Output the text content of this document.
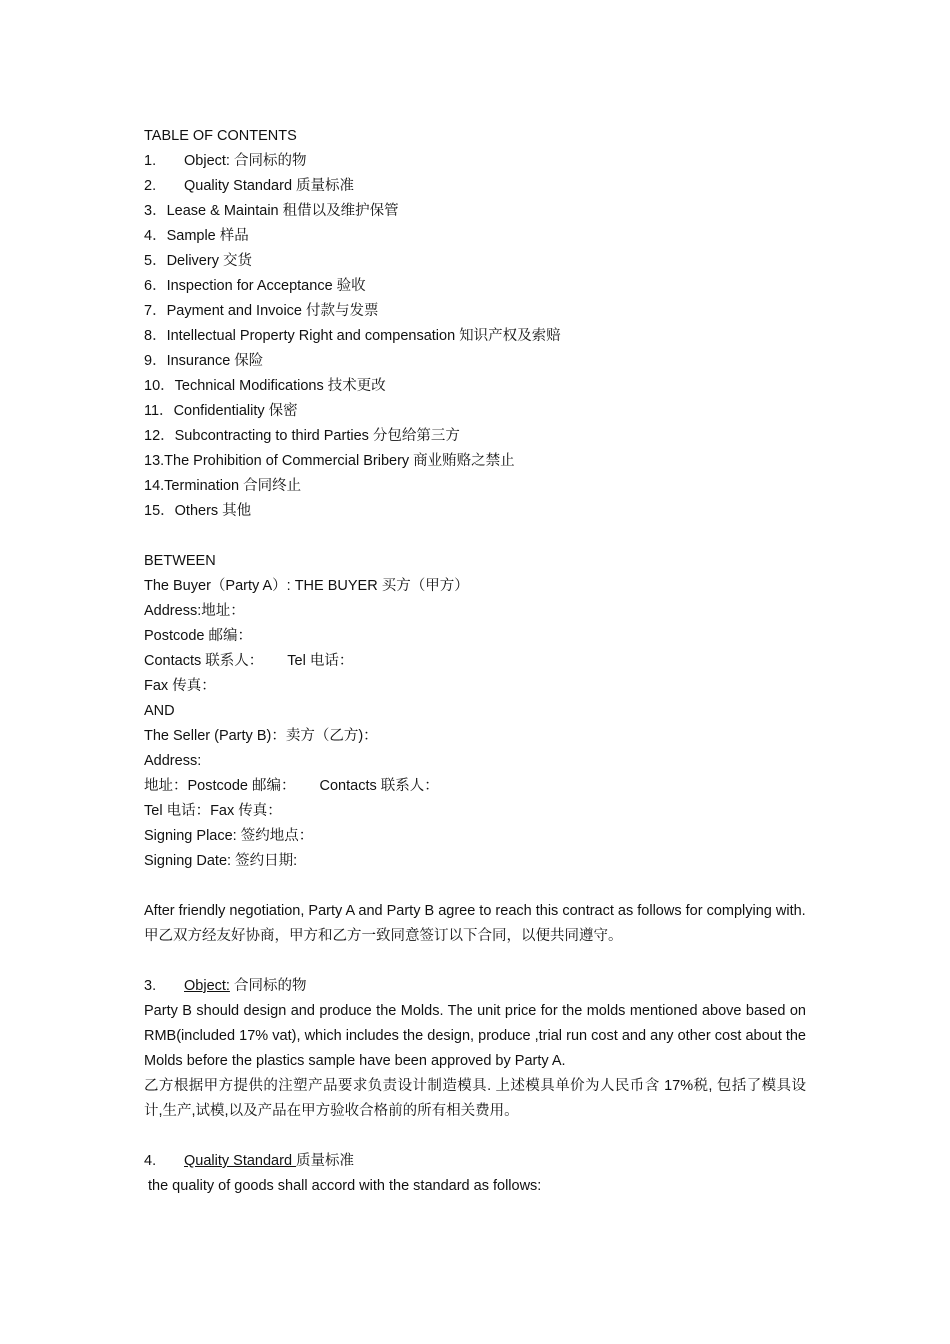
TABLE OF CONTENTS
1. Object: 合同标的物
2. Quality Standard 质量标准
3．Lease & Maintain 租借以及维护保管
4．Sample 样品
5．Delivery 交货
6．Inspection for Acceptance 验收
7．Payment and Invoice 付款与发票
8．Intellectual Property Right and compensation 知识产权及索赔
9．Insurance 保险
10．Technical Modifications 技术更改
11．Confidentiality 保密
12．Subcontracting to third Parties 分包给第三方
13.The Prohibition of Commercial Bribery 商业贿赂之禁止
14.Termination 合同终止
15．Others 其他
BETWEEN
The Buyer（Party A）: THE BUYER 买方（甲方）
Address:地址：
Postcode 邮编：
Contacts 联系人： Tel 电话：
Fax 传真：
AND
The Seller (Party B)：卖方（乙方)：
Address:
地址：Postcode 邮编： Contacts 联系人：
Tel 电话：Fax 传真：
Signing Place: 签约地点：
Signing Date: 签约日期:
After friendly negotiation, Party A and Party B agree to reach this contract as follows for complying with.
甲乙双方经友好协商，甲方和乙方一致同意签订以下合同，以便共同遵守。
3. Object: 合同标的物
Party B should design and produce the Molds. The unit price for the molds mentioned above based on RMB(included 17% vat), which includes the design, produce ,trial run cost and any other cost about the Molds before the plastics sample have been approved by Party A.
乙方根据甲方提供的注塑产品要求负责设计制造模具. 上述模具单价为人民币含 17%税, 包括了模具设计,生产,试模,以及产品在甲方验收合格前的所有相关费用。
4. Quality Standard 质量标准
the quality of goods shall accord with the standard as follows:
